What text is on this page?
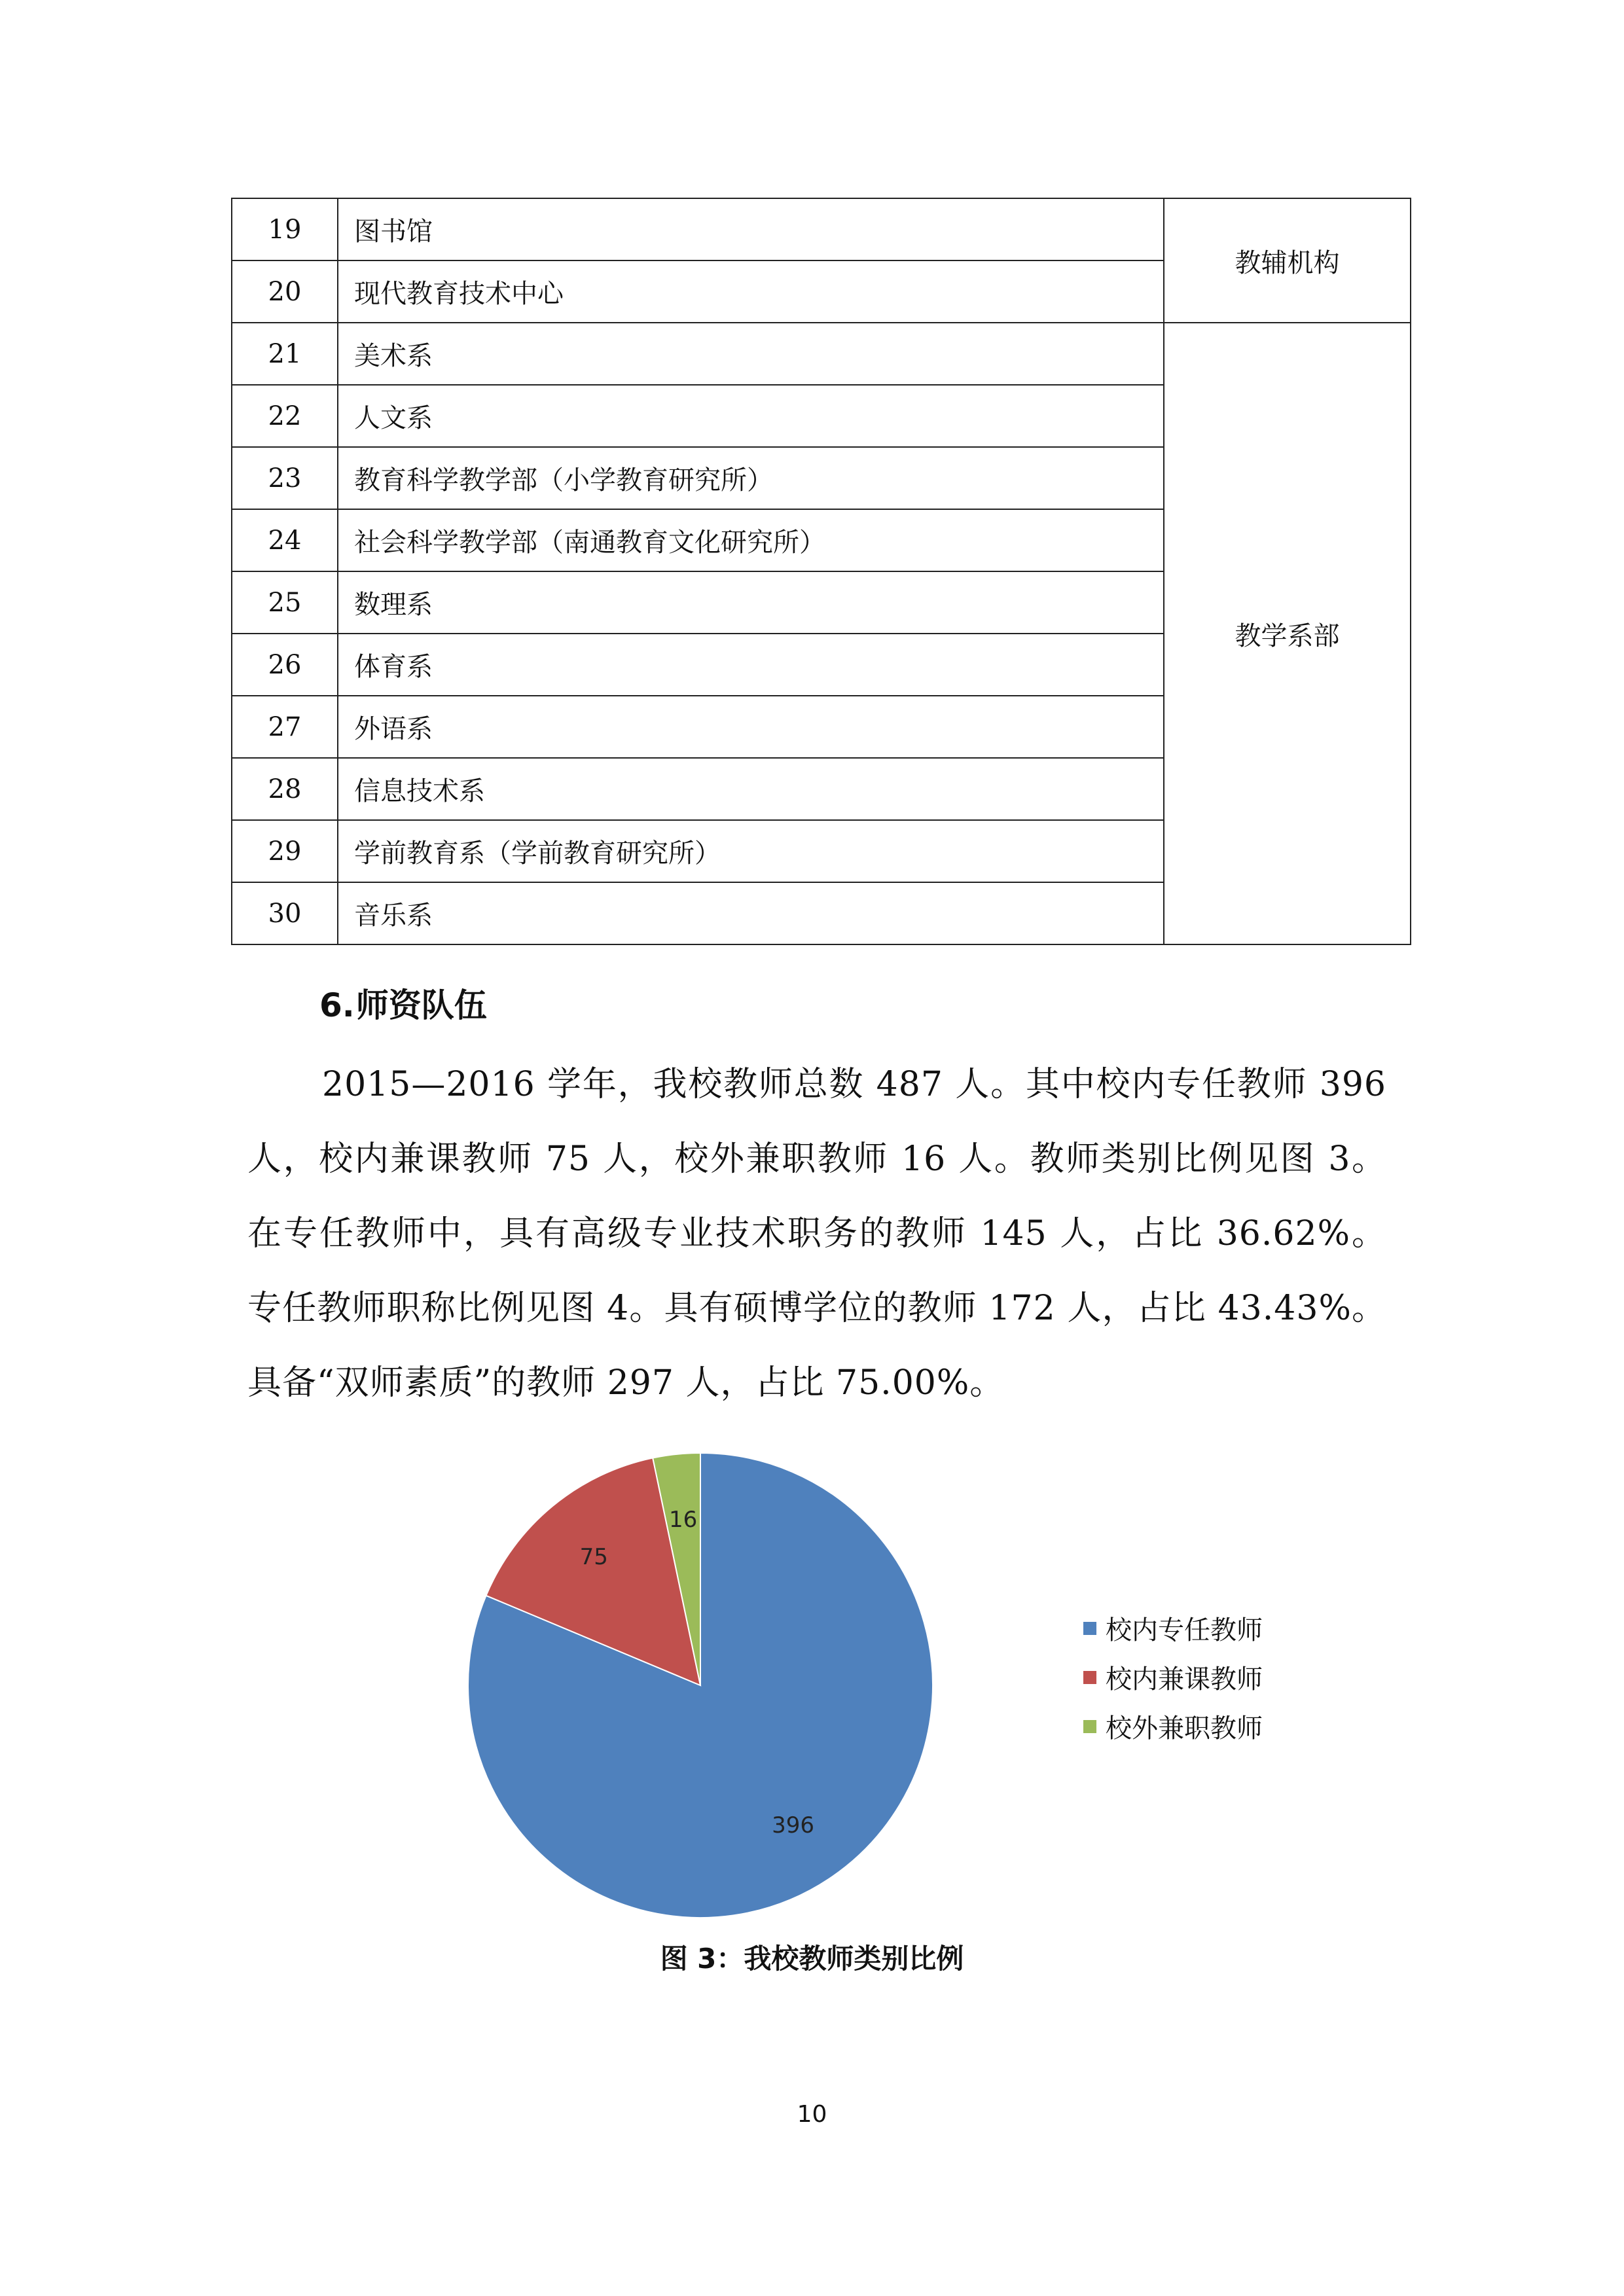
19	图书馆	教辅机构
20	现代教育技术中心	
21	美术系	教学系部
22	人文系	
23	教育科学教学部（小学教育研究所）	
24	社会科学教学部（南通教育文化研究所）	
25	数理系	
26	体育系	
27	外语系	
28	信息技术系	
29	学前教育系（学前教育研究所）	
30	音乐系	
6.师资队伍
2015—2016 学年，我校教师总数 487 人。其中校内专任教师 396
人，校内兼课教师 75 人，校外兼职教师 16 人。教师类别比例见图 3。
在专任教师中，具有高级专业技术职务的教师 145 人，占比 36.62%。
专任教师职称比例见图 4。具有硕博学位的教师 172 人，占比 43.43%。
具备“双师素质”的教师 297 人，占比 75.00%。
396
75
16
校内专任教师
校内兼课教师
校外兼职教师

图 3：我校教师类别比例

10
